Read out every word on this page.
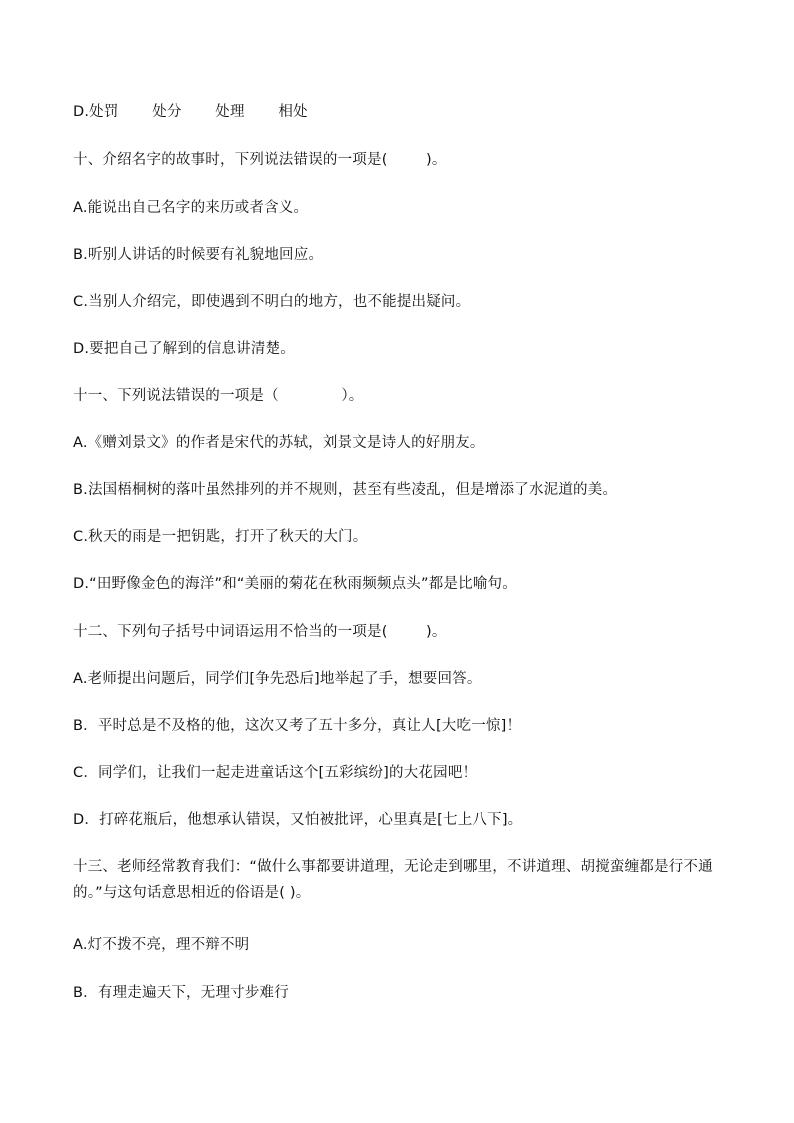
D.处罚       处分       处理       相处
十、介绍名字的故事时，下列说法错误的一项是(        )。
A.能说出自己名字的来历或者含义。
B.听别人讲话的时候要有礼貌地回应。
C.当别人介绍完，即使遇到不明白的地方，也不能提出疑问。
D.要把自己了解到的信息讲清楚。
十一、下列说法错误的一项是（             ）。
A.《赠刘景文》的作者是宋代的苏轼，刘景文是诗人的好朋友。
B.法国梧桐树的落叶虽然排列的并不规则，甚至有些凌乱，但是增添了水泥道的美。
C.秋天的雨是一把钥匙，打开了秋天的大门。
D.“田野像金色的海洋”和“美丽的菊花在秋雨频频点头”都是比喻句。
十二、下列句子括号中词语运用不恰当的一项是(        )。
A.老师提出问题后，同学们[争先恐后]地举起了手，想要回答。
B．平时总是不及格的他，这次又考了五十多分，真让人[大吃一惊]！
C．同学们，让我们一起走进童话这个[五彩缤纷]的大花园吧！
D．打碎花瓶后，他想承认错误，又怕被批评，心里真是[七上八下]。
十三、老师经常教育我们：“做什么事都要讲道理，无论走到哪里，不讲道理、胡搅蛮缠都是行不通的。”与这句话意思相近的俗语是( )。
A.灯不拨不亮，理不辩不明
B．有理走遍天下，无理寸步难行
